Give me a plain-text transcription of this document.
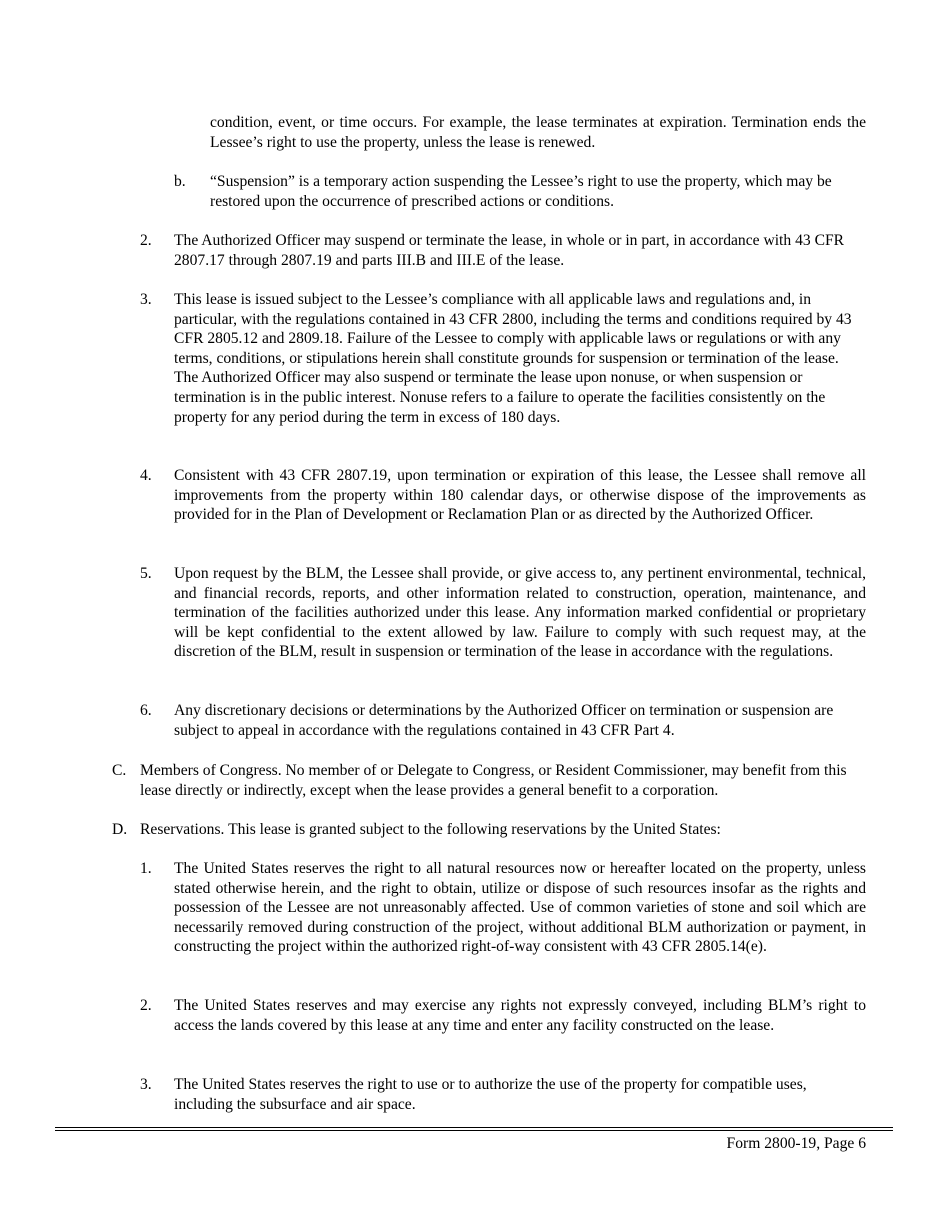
condition, event, or time occurs. For example, the lease terminates at expiration. Termination ends the Lessee’s right to use the property, unless the lease is renewed.
b. “Suspension” is a temporary action suspending the Lessee’s right to use the property, which may be restored upon the occurrence of prescribed actions or conditions.
2. The Authorized Officer may suspend or terminate the lease, in whole or in part, in accordance with 43 CFR 2807.17 through 2807.19 and parts III.B and III.E of the lease.
3. This lease is issued subject to the Lessee’s compliance with all applicable laws and regulations and, in particular, with the regulations contained in 43 CFR 2800, including the terms and conditions required by 43 CFR 2805.12 and 2809.18. Failure of the Lessee to comply with applicable laws or regulations or with any terms, conditions, or stipulations herein shall constitute grounds for suspension or termination of the lease. The Authorized Officer may also suspend or terminate the lease upon nonuse, or when suspension or termination is in the public interest. Nonuse refers to a failure to operate the facilities consistently on the property for any period during the term in excess of 180 days.
4. Consistent with 43 CFR 2807.19, upon termination or expiration of this lease, the Lessee shall remove all improvements from the property within 180 calendar days, or otherwise dispose of the improvements as provided for in the Plan of Development or Reclamation Plan or as directed by the Authorized Officer.
5. Upon request by the BLM, the Lessee shall provide, or give access to, any pertinent environmental, technical, and financial records, reports, and other information related to construction, operation, maintenance, and termination of the facilities authorized under this lease. Any information marked confidential or proprietary will be kept confidential to the extent allowed by law. Failure to comply with such request may, at the discretion of the BLM, result in suspension or termination of the lease in accordance with the regulations.
6. Any discretionary decisions or determinations by the Authorized Officer on termination or suspension are subject to appeal in accordance with the regulations contained in 43 CFR Part 4.
C. Members of Congress. No member of or Delegate to Congress, or Resident Commissioner, may benefit from this lease directly or indirectly, except when the lease provides a general benefit to a corporation.
D. Reservations. This lease is granted subject to the following reservations by the United States:
1. The United States reserves the right to all natural resources now or hereafter located on the property, unless stated otherwise herein, and the right to obtain, utilize or dispose of such resources insofar as the rights and possession of the Lessee are not unreasonably affected. Use of common varieties of stone and soil which are necessarily removed during construction of the project, without additional BLM authorization or payment, in constructing the project within the authorized right-of-way consistent with 43 CFR 2805.14(e).
2. The United States reserves and may exercise any rights not expressly conveyed, including BLM’s right to access the lands covered by this lease at any time and enter any facility constructed on the lease.
3. The United States reserves the right to use or to authorize the use of the property for compatible uses, including the subsurface and air space.
Form 2800-19, Page 6
